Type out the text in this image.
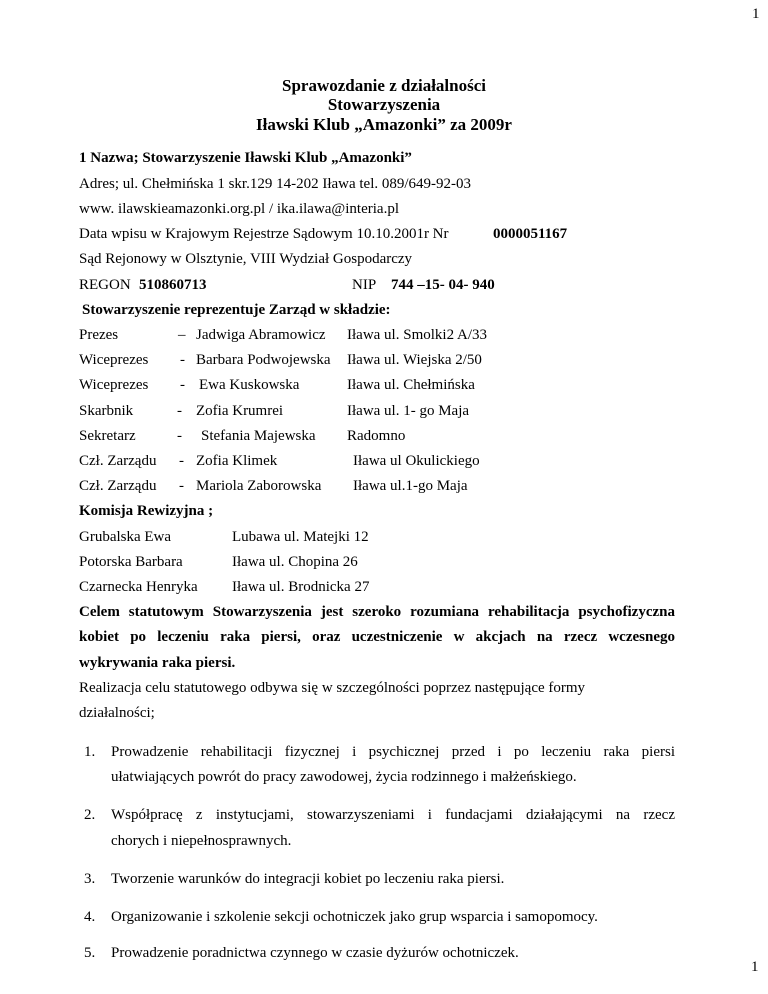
1
Sprawozdanie z działalności
Stowarzyszenia
Iławski Klub „Amazonki” za 2009r
1 Nazwa; Stowarzyszenie Iławski Klub „Amazonki”
Adres; ul. Chełmińska 1 skr.129 14-202 Iława tel. 089/649-92-03
www. ilawskieamazonki.org.pl / ika.ilawa@interia.pl
Data wpisu w Krajowym Rejestrze Sądowym 10.10.2001r Nr	0000051167
Sąd Rejonowy w Olsztynie, VIII Wydział Gospodarczy
REGON 510860713	NIP 744 –15- 04- 940
Stowarzyszenie reprezentuje Zarząd w składzie:
Prezes	– Jadwiga Abramowicz Iława ul. Smolki2 A/33
Wiceprezes - Barbara Podwojewska Iława ul. Wiejska 2/50
Wiceprezes - Ewa Kuskowska	Iława ul. Chełmińska
Skarbnik	- Zofia Krumrei	Iława ul. 1- go Maja
Sekretarz	- Stefania Majewska Radomno
Czł. Zarządu - Zofia Klimek	Iława ul Okulickiego
Czł. Zarządu - Mariola Zaborowska Iława ul.1-go Maja
Komisja Rewizyjna ;
Grubalska Ewa	Lubawa ul. Matejki 12
Potorska Barbara	Iława ul. Chopina 26
Czarnecka Henryka Iława ul. Brodnicka 27
Celem statutowym Stowarzyszenia jest szeroko rozumiana rehabilitacja psychofizyczna
kobiet po leczeniu raka piersi, oraz uczestniczenie w akcjach na rzecz wczesnego
wykrywania raka piersi.
Realizacja celu statutowego odbywa się w szczególności poprzez następujące formy
działalności;
1. Prowadzenie rehabilitacji fizycznej i psychicznej przed i po leczeniu raka piersi
ułatwiających powrót do pracy zawodowej, życia rodzinnego i małżeńskiego.
2. Współpracę z instytucjami, stowarzyszeniami i fundacjami działającymi na rzecz
chorych i niepełnosprawnych.
3. Tworzenie warunków do integracji kobiet po leczeniu raka piersi.
4. Organizowanie i szkolenie sekcji ochotniczek jako grup wsparcia i samopomocy.
5. Prowadzenie poradnictwa czynnego w czasie dyżurów ochotniczek.
1
